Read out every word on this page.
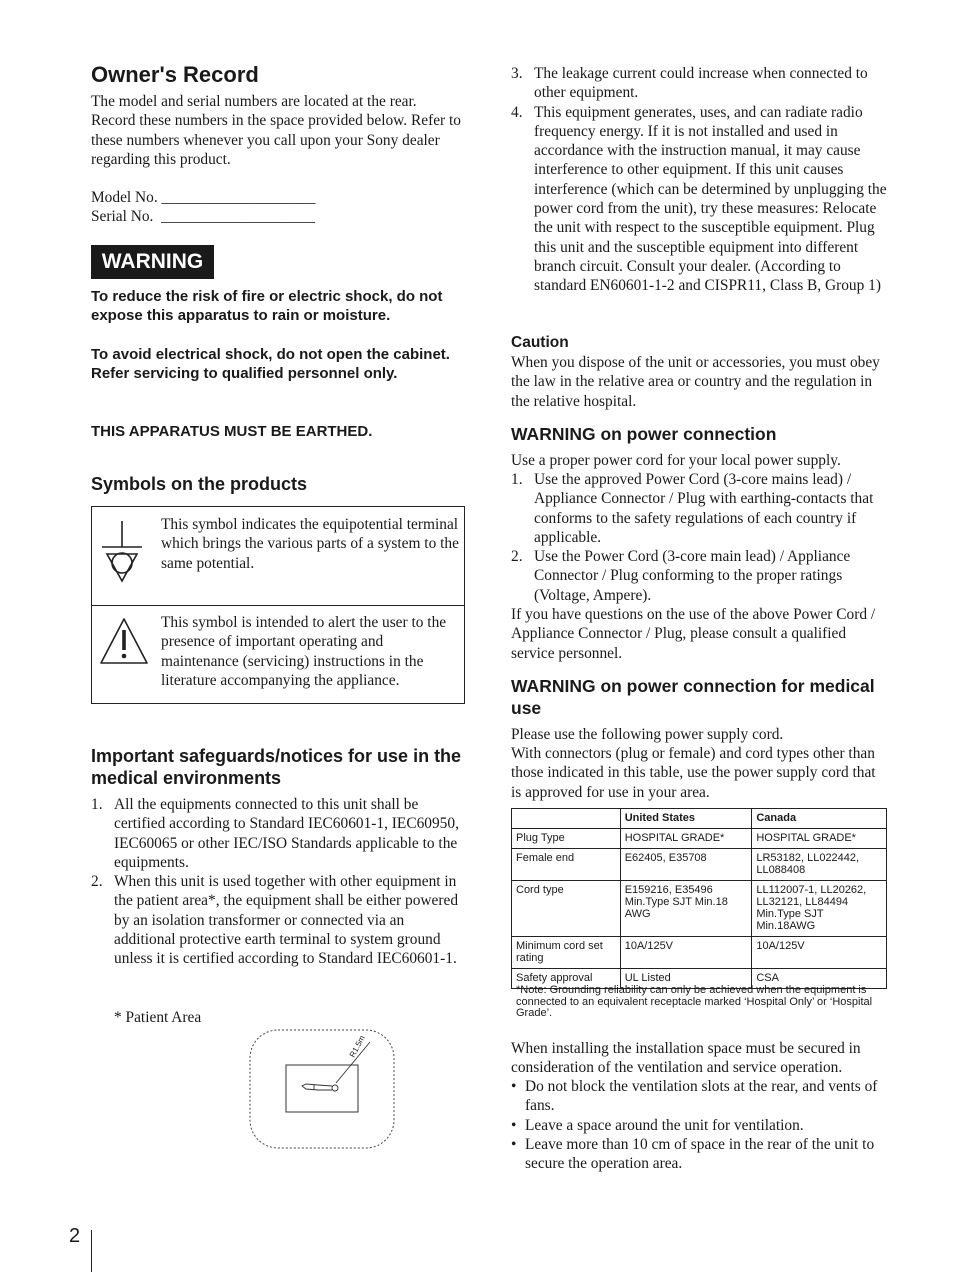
Owner's Record

The model and serial numbers are located at the rear. Record these numbers in the space provided below. Refer to these numbers whenever you call upon your Sony dealer regarding this product.

Model No. ____________________

Serial No.  ____________________

WARNING

To reduce the risk of fire or electric shock, do not expose this apparatus to rain or moisture.

To avoid electrical shock, do not open the cabinet. Refer servicing to qualified personnel only.

THIS APPARATUS MUST BE EARTHED.

Symbols on the products

This symbol indicates the equipotential terminal which brings the various parts of a system to the same potential.

This symbol is intended to alert the user to the presence of important operating and maintenance (servicing) instructions in the literature accompanying the appliance.

Important safeguards/notices for use in the medical environments
1. All the equipments connected to this unit shall be certified according to Standard IEC60601-1, IEC60950, IEC60065 or other IEC/ISO Standards applicable to the equipments.
2. When this unit is used together with other equipment in the patient area*, the equipment shall be either powered by an isolation transformer or connected via an additional protective earth terminal to system ground unless it is certified according to Standard IEC60601-1.

* Patient Area

R1.5m
3. The leakage current could increase when connected to other equipment.
4. This equipment generates, uses, and can radiate radio frequency energy. If it is not installed and used in accordance with the instruction manual, it may cause interference to other equipment. If this unit causes interference (which can be determined by unplugging the power cord from the unit), try these measures: Relocate the unit with respect to the susceptible equipment. Plug this unit and the susceptible equipment into different branch circuit. Consult your dealer. (According to standard EN60601-1-2 and CISPR11, Class B, Group 1)

Caution

When you dispose of the unit or accessories, you must obey the law in the relative area or country and the regulation in the relative hospital.

WARNING on power connection

Use a proper power cord for your local power supply.

1. Use the approved Power Cord (3-core mains lead) / Appliance Connector / Plug with earthing-contacts that conforms to the safety regulations of each country if applicable.
2. Use the Power Cord (3-core main lead) / Appliance Connector / Plug conforming to the proper ratings (Voltage, Ampere).

If you have questions on the use of the above Power Cord / Appliance Connector / Plug, please consult a qualified service personnel.

WARNING on power connection for medical use

Please use the following power supply cord.

With connectors (plug or female) and cord types other than those indicated in this table, use the power supply cord that is approved for use in your area.

	United States	Canada
Plug Type	HOSPITAL GRADE*	HOSPITAL GRADE*
Female end	E62405, E35708	LR53182, LL022442, LL088408
Cord type	E159216, E35496 Min.Type SJT Min.18 AWG	LL112007-1, LL20262, LL32121, LL84494 Min.Type SJT Min.18AWG
Minimum cord set rating	10A/125V	10A/125V
Safety approval	UL Listed	CSA

*Note: Grounding reliability can only be achieved when the equipment is connected to an equivalent receptacle marked ‘Hospital Only’ or ‘Hospital Grade’.

When installing the installation space must be secured in consideration of the ventilation and service operation.

• Do not block the ventilation slots at the rear, and vents of fans.
• Leave a space around the unit for ventilation.
• Leave more than 10 cm of space in the rear of the unit to secure the operation area.
2
